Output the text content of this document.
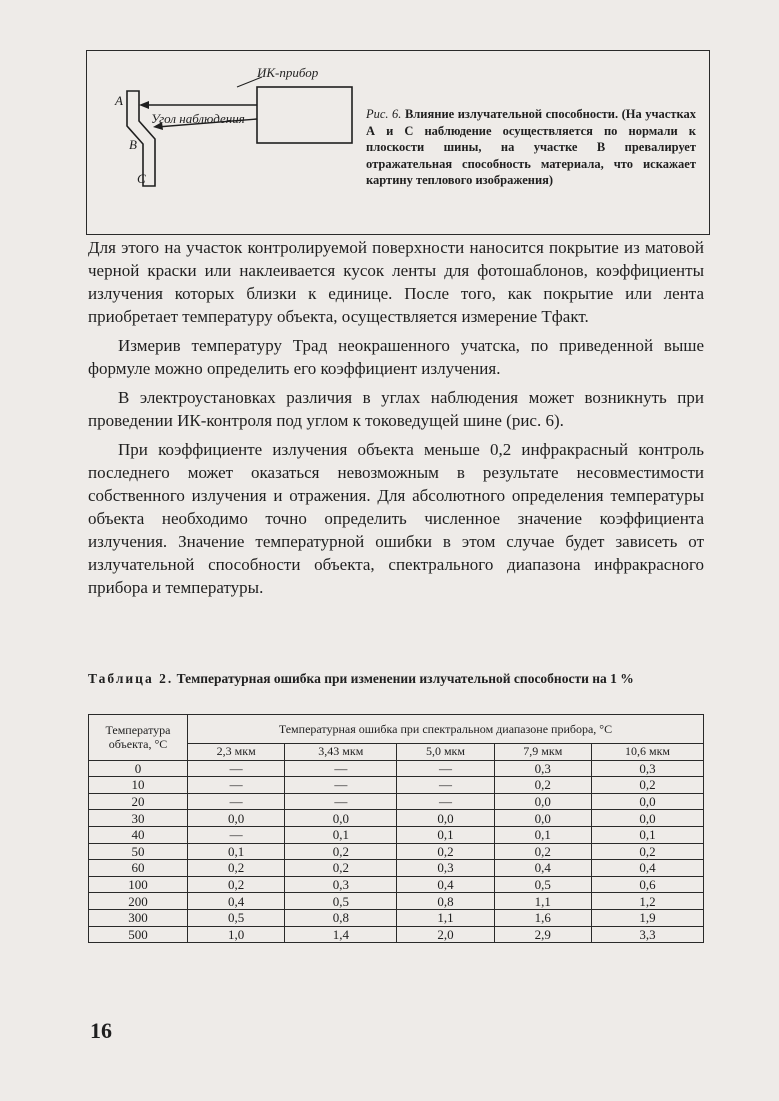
ИК-прибор
Угол наблюдения
А
В
С
Рис. 6. Влияние излучательной способности. (На участках А и С наблюдение осуществляется по нормали к плоскости шины, на участке В превалирует отражательная способность материала, что искажает картину теплового изображения)

Для этого на участок контролируемой поверхности наносится покрытие из матовой черной краски или наклеивается кусок ленты для фотошаблонов, коэффициенты излучения которых близки к единице. После того, как покрытие или лента приобретает температуру объекта, осуществляется измерение Тфакт.

Измерив температуру Трад неокрашенного учатска, по приведенной выше формуле можно определить его коэффициент излучения.

В электроустановках различия в углах наблюдения может возникнуть при проведении ИК-контроля под углом к токоведущей шине (рис. 6).

При коэффициенте излучения объекта меньше 0,2 инфракрасный контроль последнего может оказаться невозможным в результате несовместимости собственного излучения и отражения. Для абсолютного определения температуры объекта необходимо точно определить численное значение коэффициента излучения. Значение температурной ошибки в этом случае будет зависеть от излучательной способности объекта, спектрального диапазона инфракрасного прибора и температуры.

Таблица 2. Температурная ошибка при изменении излучательной способности на 1 %
Температура объекта, °С	Температурная ошибка при спектральном диапазоне прибора, °С				
	2,3 мкм	3,43 мкм	5,0 мкм	7,9 мкм	10,6 мкм
0	—	—	—	0,3	0,3
10	—	—	—	0,2	0,2
20	—	—	—	0,0	0,0
30	0,0	0,0	0,0	0,0	0,0
40	—	0,1	0,1	0,1	0,1
50	0,1	0,2	0,2	0,2	0,2
60	0,2	0,2	0,3	0,4	0,4
100	0,2	0,3	0,4	0,5	0,6
200	0,4	0,5	0,8	1,1	1,2
300	0,5	0,8	1,1	1,6	1,9
500	1,0	1,4	2,0	2,9	3,3
16
